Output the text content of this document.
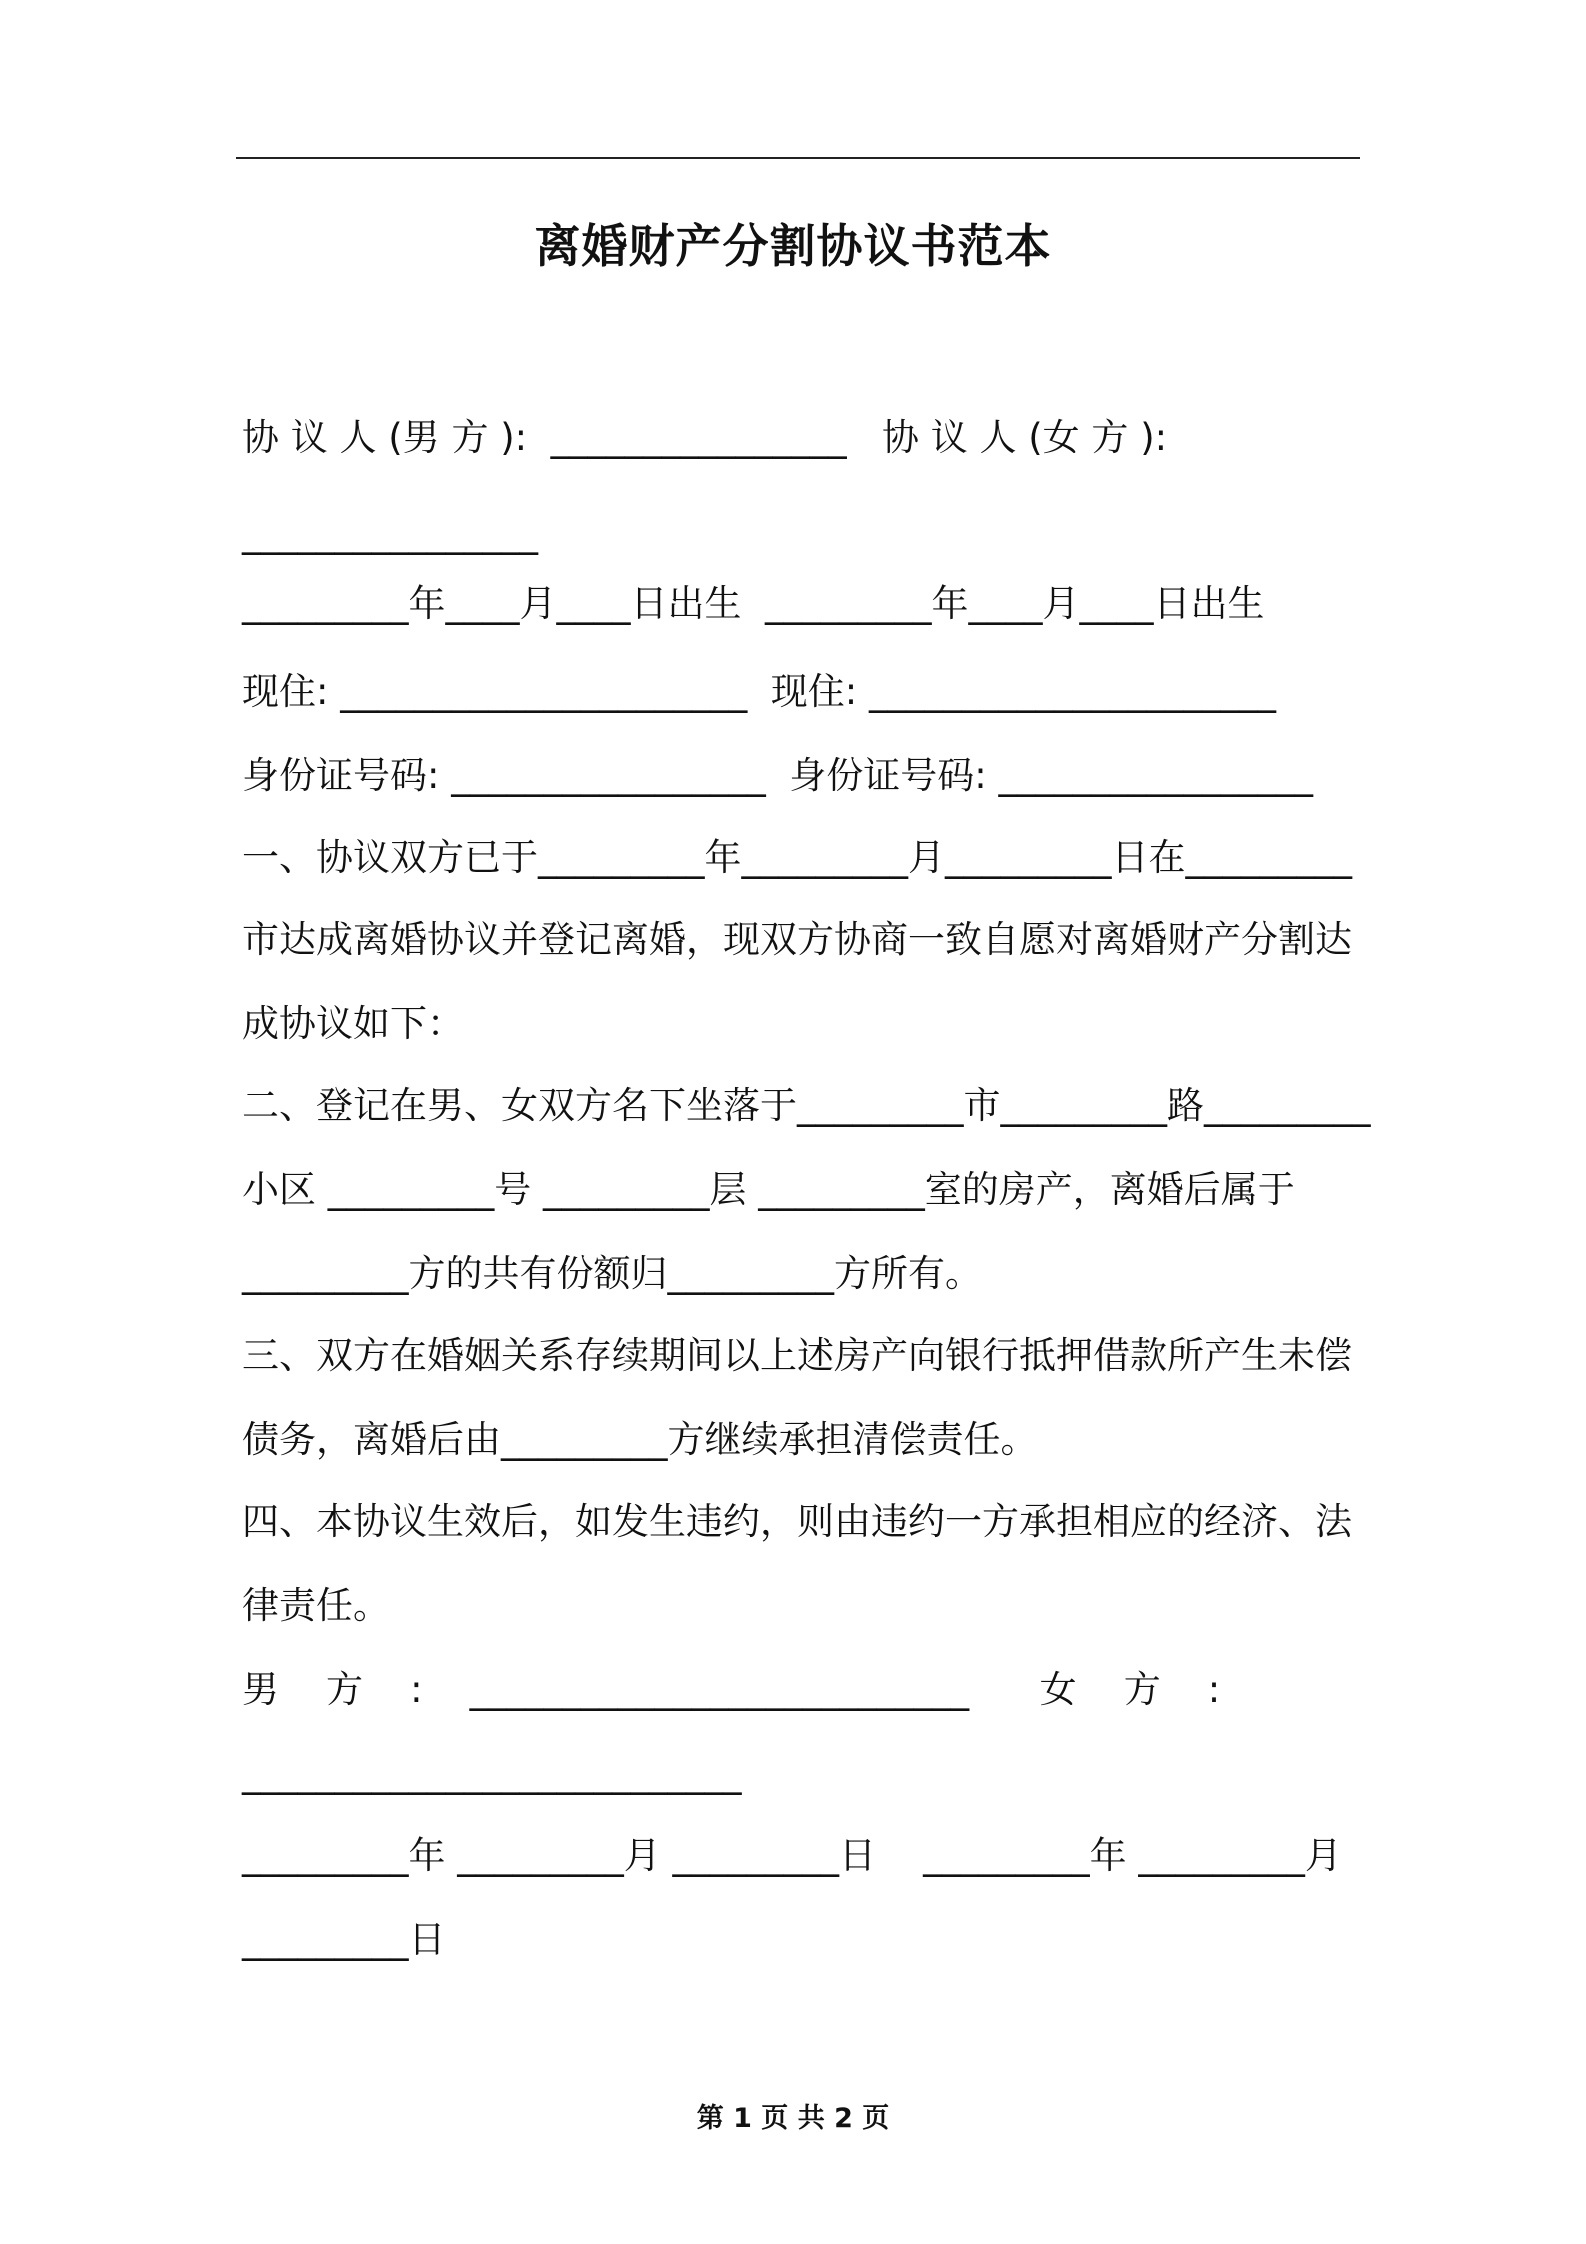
离婚财产分割协议书范本
协 议 人 (男 方 ):  ________________   协 议 人 (女 方 ):
________________
_________年____月____日出生  _________年____月____日出生
现住: ______________________  现住: ______________________
身份证号码: _________________  身份证号码: _________________
一、协议双方已于_________年_________月_________日在_________
市达成离婚协议并登记离婚，现双方协商一致自愿对离婚财产分割达
成协议如下：
二、登记在男、女双方名下坐落于_________市_________路_________
小区 _________号 _________层 _________室的房产，离婚后属于
_________方的共有份额归_________方所有。
三、双方在婚姻关系存续期间以上述房产向银行抵押借款所产生未偿
债务，离婚后由_________方继续承担清偿责任。
四、本协议生效后，如发生违约，则由违约一方承担相应的经济、法
律责任。
男    方    :    ___________________________      女    方    :
___________________________
_________年 _________月 _________日    _________年 _________月
_________日
第 1 页 共 2 页
